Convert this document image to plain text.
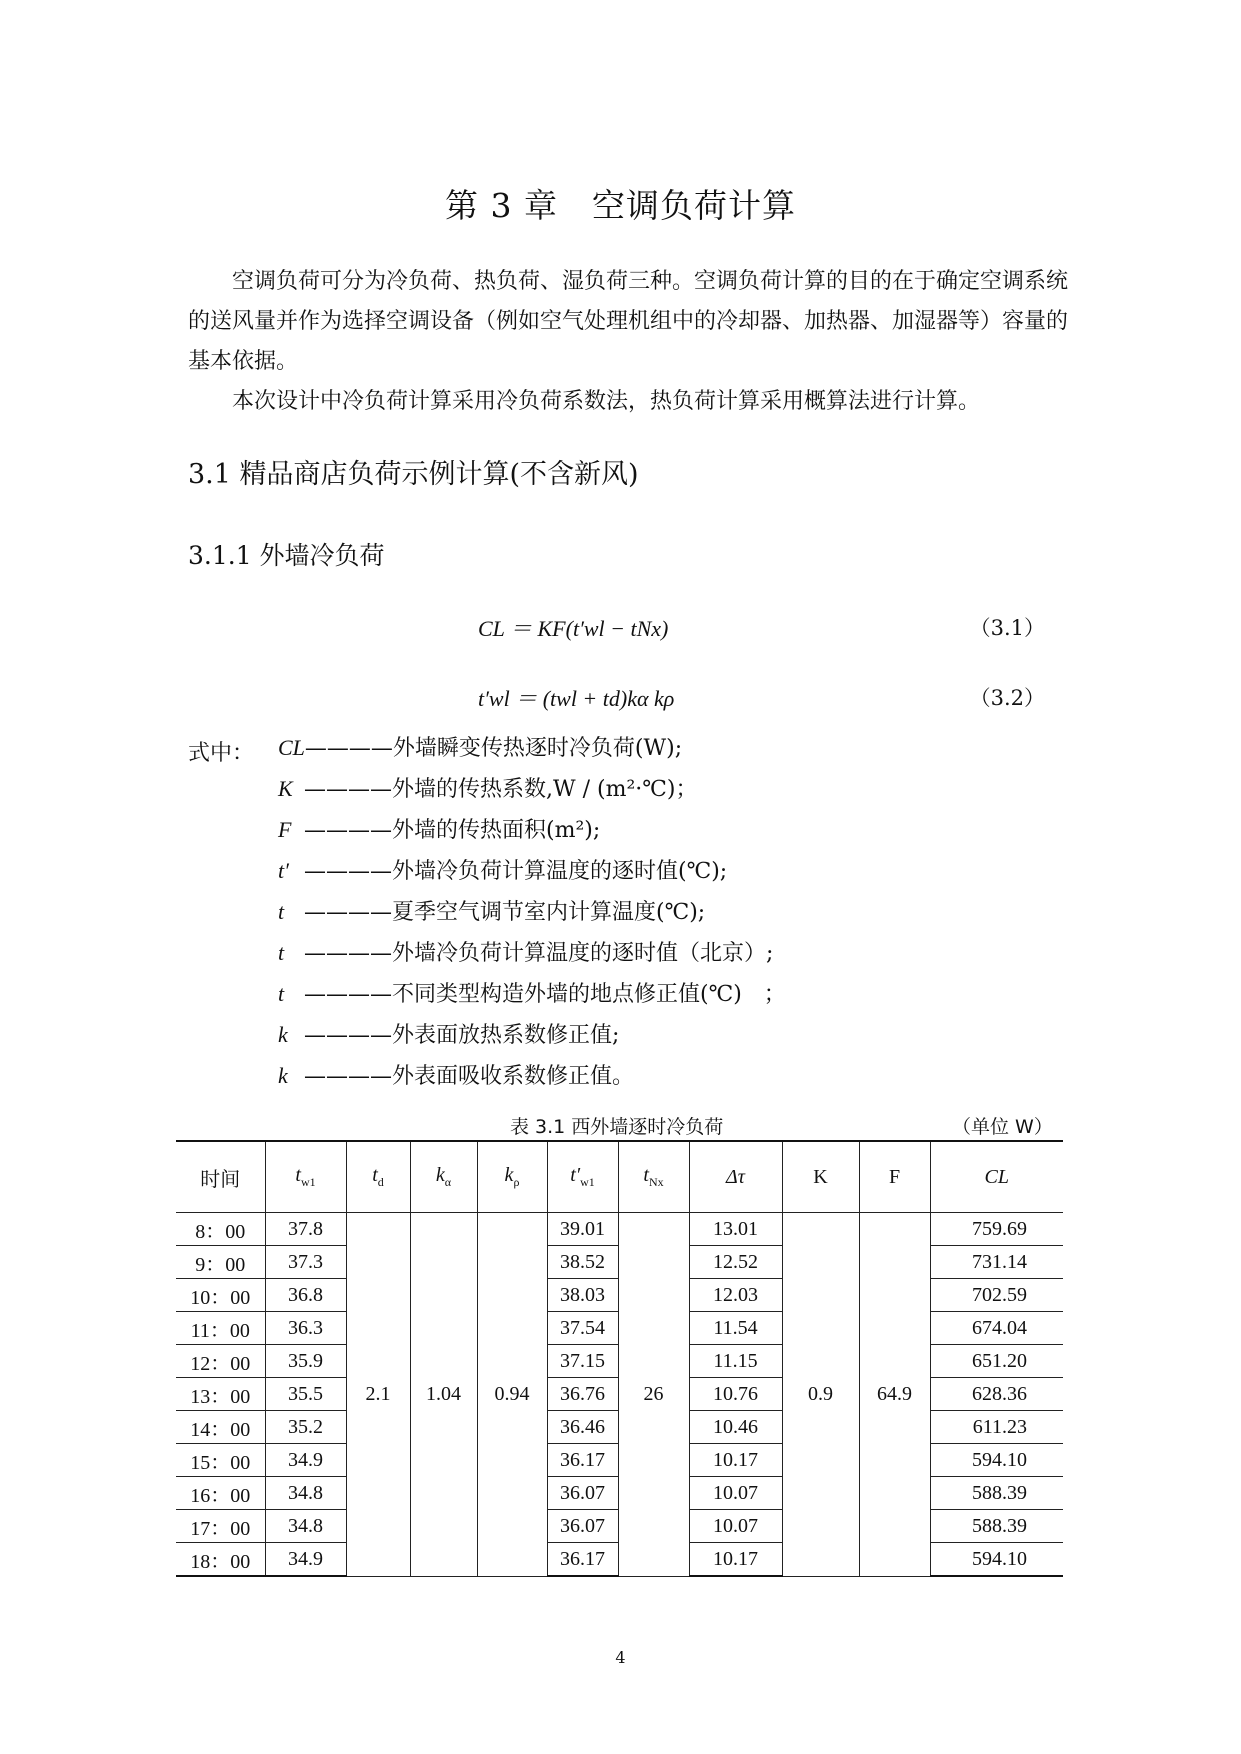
第 3 章　空调负荷计算
空调负荷可分为冷负荷、热负荷、湿负荷三种。空调负荷计算的目的在于确定空调系统的送风量并作为选择空调设备（例如空气处理机组中的冷却器、加热器、加湿器等）容量的基本依据。
本次设计中冷负荷计算采用冷负荷系数法，热负荷计算采用概算法进行计算。
3.1 精品商店负荷示例计算(不含新风)
3.1.1 外墙冷负荷
CL ＝ KF(t′wl − tNx)	（3.1）
t′wl ＝ (twl + td)kα kρ	（3.2）
式中： CL————外墙瞬变传热逐时冷负荷(W);
K ————外墙的传热系数,W / (m²·℃)；
F ————外墙的传热面积(m²);
t′ ————外墙冷负荷计算温度的逐时值(℃);
t ————夏季空气调节室内计算温度(℃);
t ————外墙冷负荷计算温度的逐时值（北京）;
t ————不同类型构造外墙的地点修正值(℃)　；
k ————外表面放热系数修正值;
k ————外表面吸收系数修正值。
表 3.1 西外墙逐时冷负荷	（单位 W）
时间	$t_{w1}$	$t_d$	$k_\alpha$	$k_\rho$	$t'_{w1}$	$t_{Nx}$	Δτ	K	F	CL
8：00	37.8	2.1	1.04	0.94	39.01	26	13.01	0.9	64.9	759.69
9：00	37.3				38.52		12.52			731.14
10：00	36.8				38.03		12.03			702.59
11：00	36.3				37.54		11.54			674.04
12：00	35.9				37.15		11.15			651.20
13：00	35.5				36.76		10.76			628.36
14：00	35.2				36.46		10.46			611.23
15：00	34.9				36.17		10.17			594.10
16：00	34.8				36.07		10.07			588.39
17：00	34.8				36.07		10.07			588.39
18：00	34.9				36.17		10.17			594.10
4
